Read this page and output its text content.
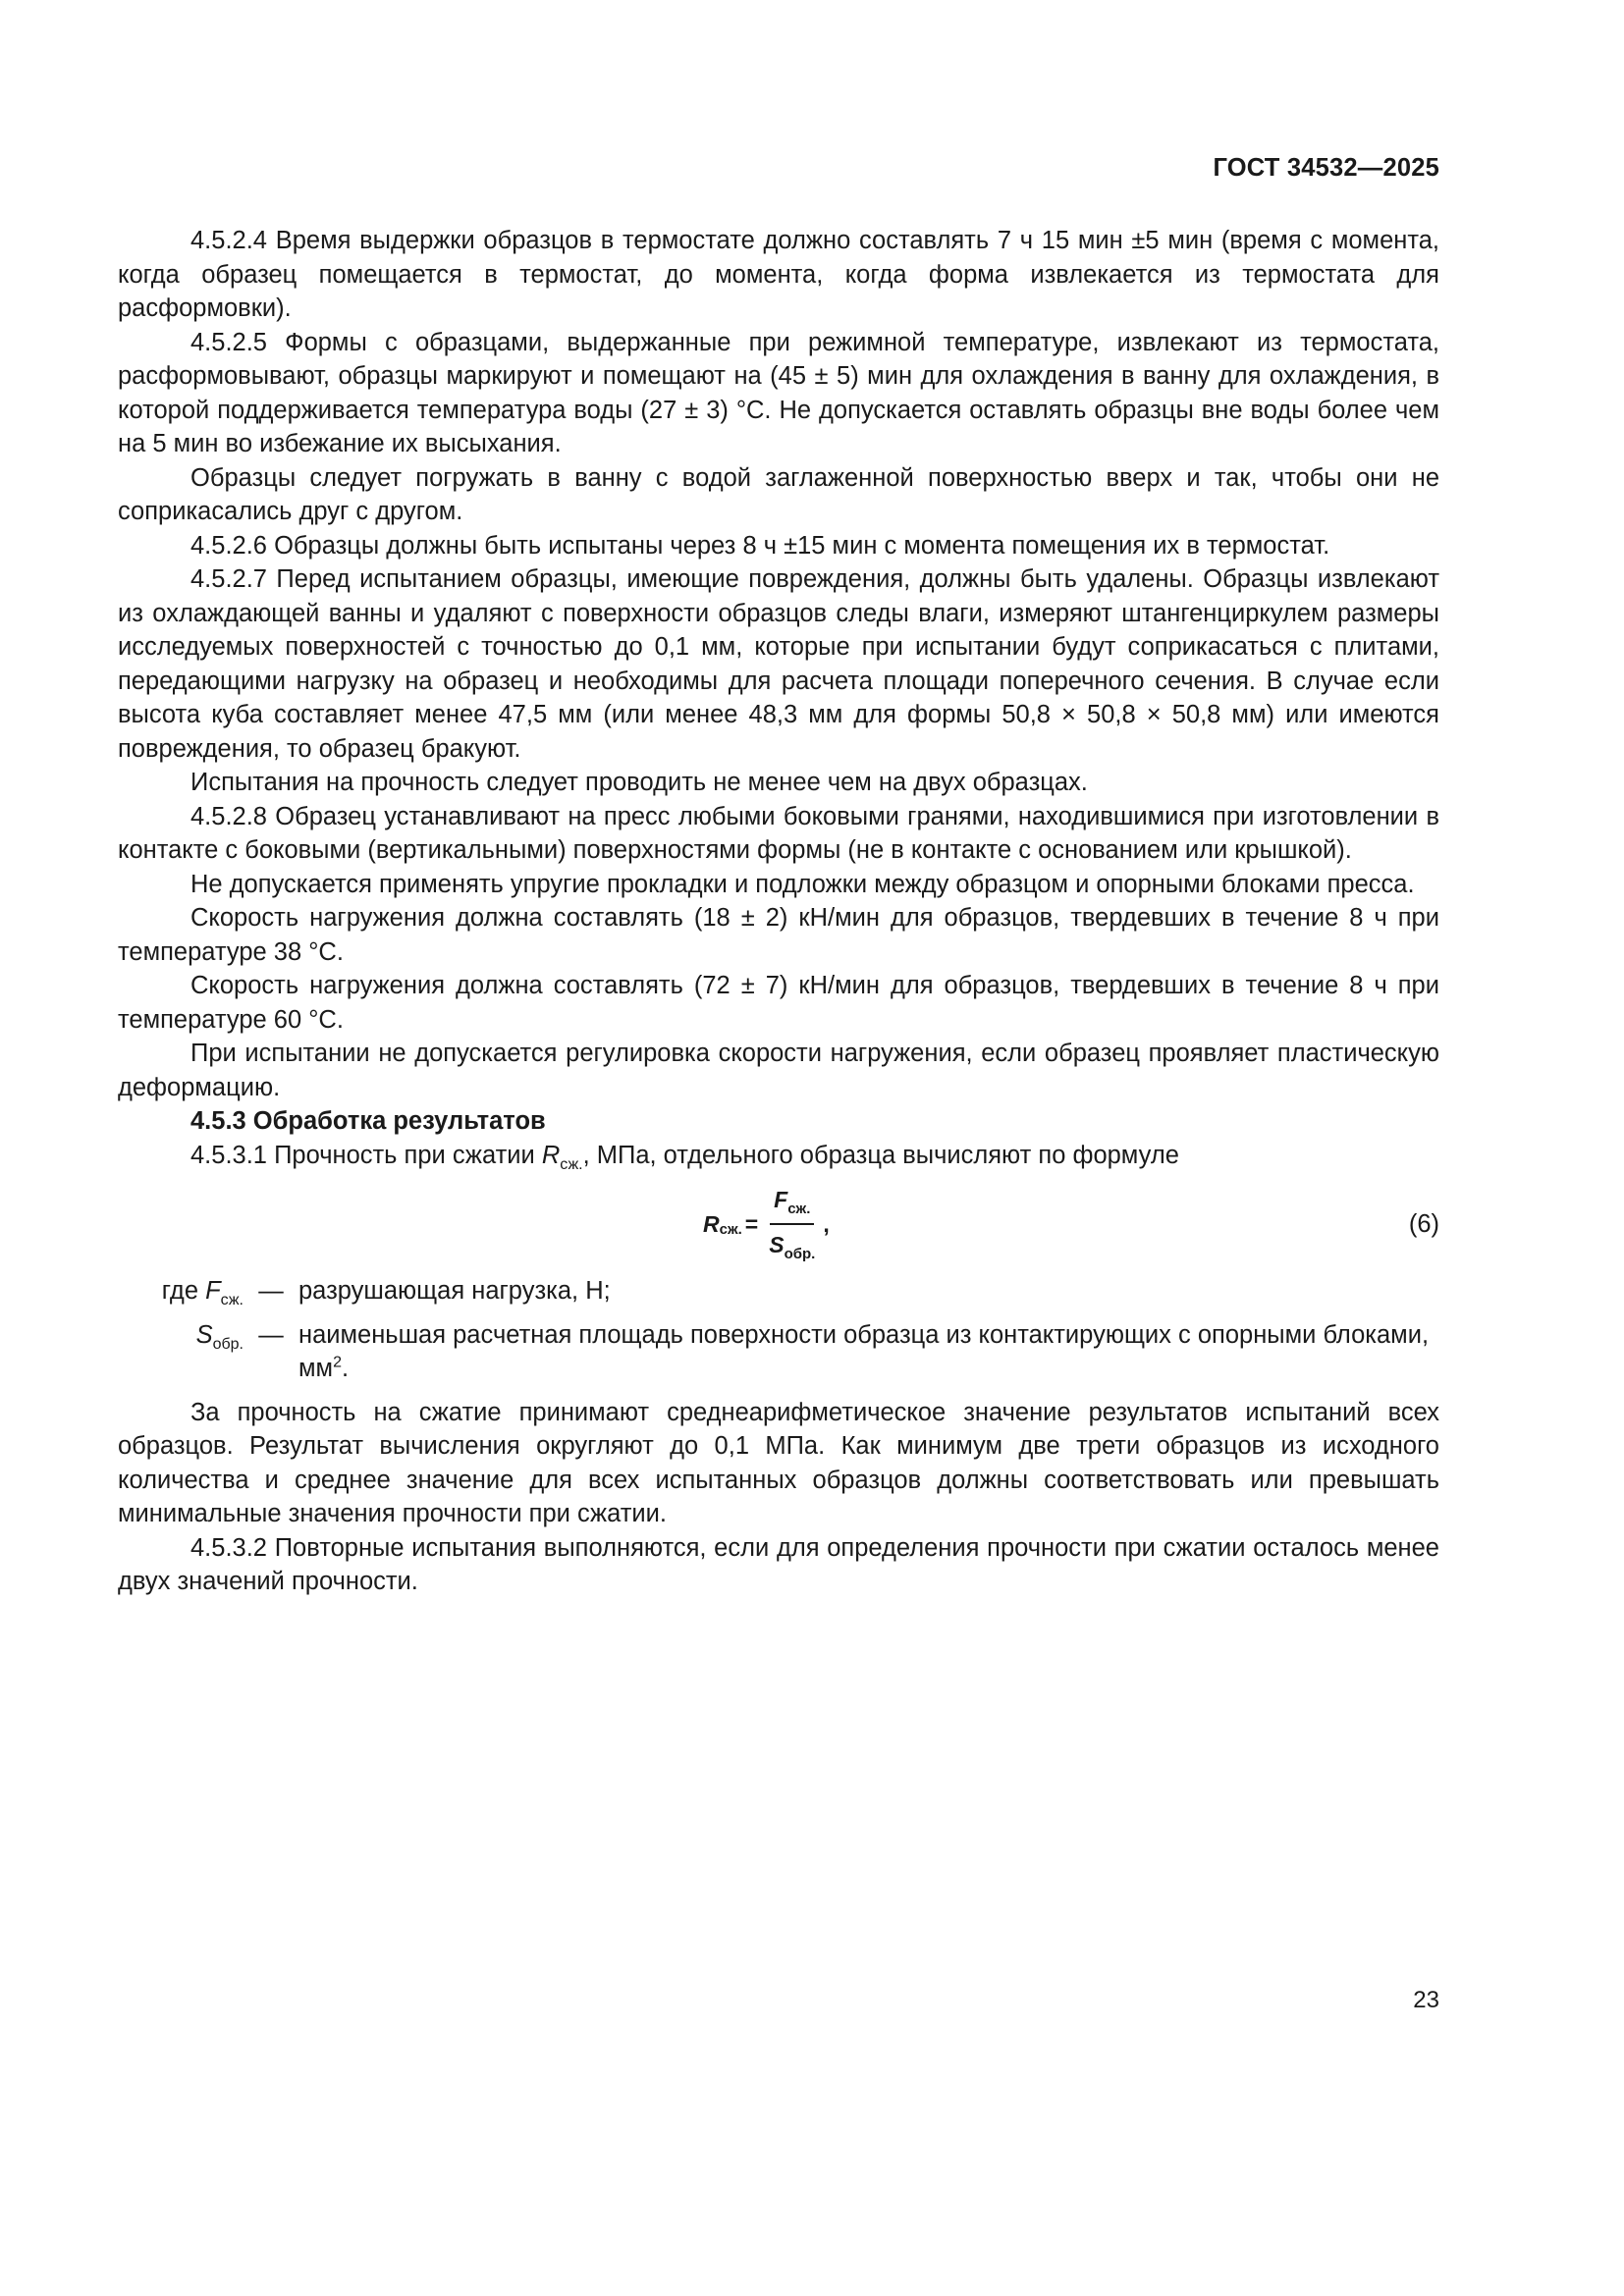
ГОСТ 34532—2025

4.5.2.4 Время выдержки образцов в термостате должно составлять 7 ч 15 мин ±5 мин (время с момента, когда образец помещается в термостат, до момента, когда форма извлекается из термостата для расформовки).

4.5.2.5 Формы с образцами, выдержанные при режимной температуре, извлекают из термостата, расформовывают, образцы маркируют и помещают на (45 ± 5) мин для охлаждения в ванну для охлаждения, в которой поддерживается температура воды (27 ± 3) °С. Не допускается оставлять образцы вне воды более чем на 5 мин во избежание их высыхания.

Образцы следует погружать в ванну с водой заглаженной поверхностью вверх и так, чтобы они не соприкасались друг с другом.

4.5.2.6 Образцы должны быть испытаны через 8 ч ±15 мин с момента помещения их в термостат.

4.5.2.7 Перед испытанием образцы, имеющие повреждения, должны быть удалены. Образцы извлекают из охлаждающей ванны и удаляют с поверхности образцов следы влаги, измеряют штангенциркулем размеры исследуемых поверхностей с точностью до 0,1 мм, которые при испытании будут соприкасаться с плитами, передающими нагрузку на образец и необходимы для расчета площади поперечного сечения. В случае если высота куба составляет менее 47,5 мм (или менее 48,3 мм для формы 50,8 × 50,8 × 50,8 мм) или имеются повреждения, то образец бракуют.

Испытания на прочность следует проводить не менее чем на двух образцах.

4.5.2.8 Образец устанавливают на пресс любыми боковыми гранями, находившимися при изготовлении в контакте с боковыми (вертикальными) поверхностями формы (не в контакте с основанием или крышкой).

Не допускается применять упругие прокладки и подложки между образцом и опорными блоками пресса.

Скорость нагружения должна составлять (18 ± 2) кН/мин для образцов, твердевших в течение 8 ч при температуре 38 °С.

Скорость нагружения должна составлять (72 ± 7) кН/мин для образцов, твердевших в течение 8 ч при температуре 60 °С.

При испытании не допускается регулировка скорости нагружения, если образец проявляет пластическую деформацию.

4.5.3 Обработка результатов

4.5.3.1 Прочность при сжатии $R_{сж.}$, МПа, отдельного образца вычисляют по формуле

R сж. = $\frac{F_{сж.}}{S_{обр.}}$ ,	(6)
где $F_{сж.}$ — разрушающая нагрузка, Н;
$S_{обр.}$ — наименьшая расчетная площадь поверхности образца из контактирующих с опорными блоками, $мм^2$.

За прочность на сжатие принимают среднеарифметическое значение результатов испытаний всех образцов. Результат вычисления округляют до 0,1 МПа. Как минимум две трети образцов из исходного количества и среднее значение для всех испытанных образцов должны соответствовать или превышать минимальные значения прочности при сжатии.

4.5.3.2 Повторные испытания выполняются, если для определения прочности при сжатии осталось менее двух значений прочности.

23
